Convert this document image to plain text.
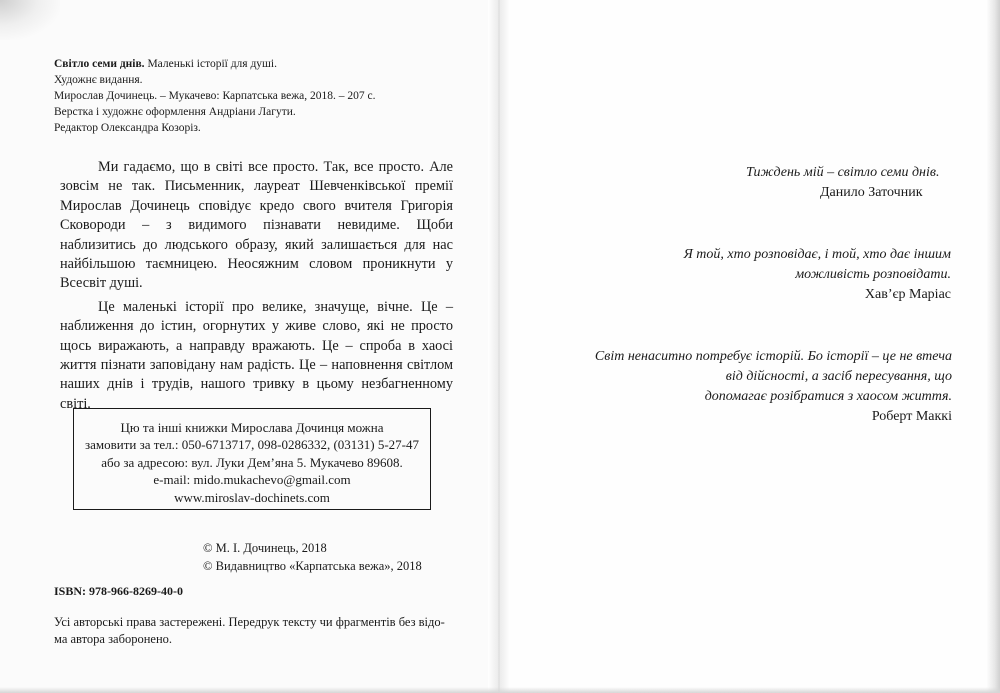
Світло семи днів. Маленькі історії для душі.
Художнє видання.
Мирослав Дочинець. – Мукачево: Карпатська вежа, 2018. – 207 с.
Верстка і художнє оформлення Андріани Лагути.
Редактор Олександра Козоріз.

Ми гадаємо, що в світі все просто. Так, все просто. Але зовсім не так. Письменник, лауреат Шевченківської премії Мирослав Дочинець сповідує кредо свого вчителя Григорія Сковороди – з видимого пізнавати невидиме. Щоби наблизитись до людського образу, який залишається для нас найбільшою таємницею. Неосяжним словом проникнути у Всесвіт душі.

Це маленькі історії про велике, значуще, вічне. Це – наближення до істин, огорнутих у живе слово, які не просто щось виражають, а направду вражають. Це – спроба в хаосі життя пізнати заповідану нам радість. Це – наповнення світлом наших днів і трудів, нашого тривку в цьому незбагненному світі.

Цю та інші книжки Мирослава Дочинця можна
замовити за тел.: 050-6713717, 098-0286332, (03131) 5-27-47
або за адресою: вул. Луки Дем’яна 5. Мукачево 89608.
e-mail: mido.mukachevo@gmail.com
www.miroslav-dochinets.com
© М. І. Дочинець, 2018
© Видавництво «Карпатська вежа», 2018
ISBN: 978-966-8269-40-0
Усі авторські права застережені. Передрук тексту чи фрагментів без відо-
ма автора заборонено.
Тиждень мій – світло семи днів.
Данило Заточник
Я той, хто розповідає, і той, хто дає іншим
можливість розповідати.
Хав’єр Маріас
Світ ненаситно потребує історій. Бо історії – це не втеча
від дійсності, а засіб пересування, що
допомагає розібратися з хаосом життя.
Роберт Маккі
